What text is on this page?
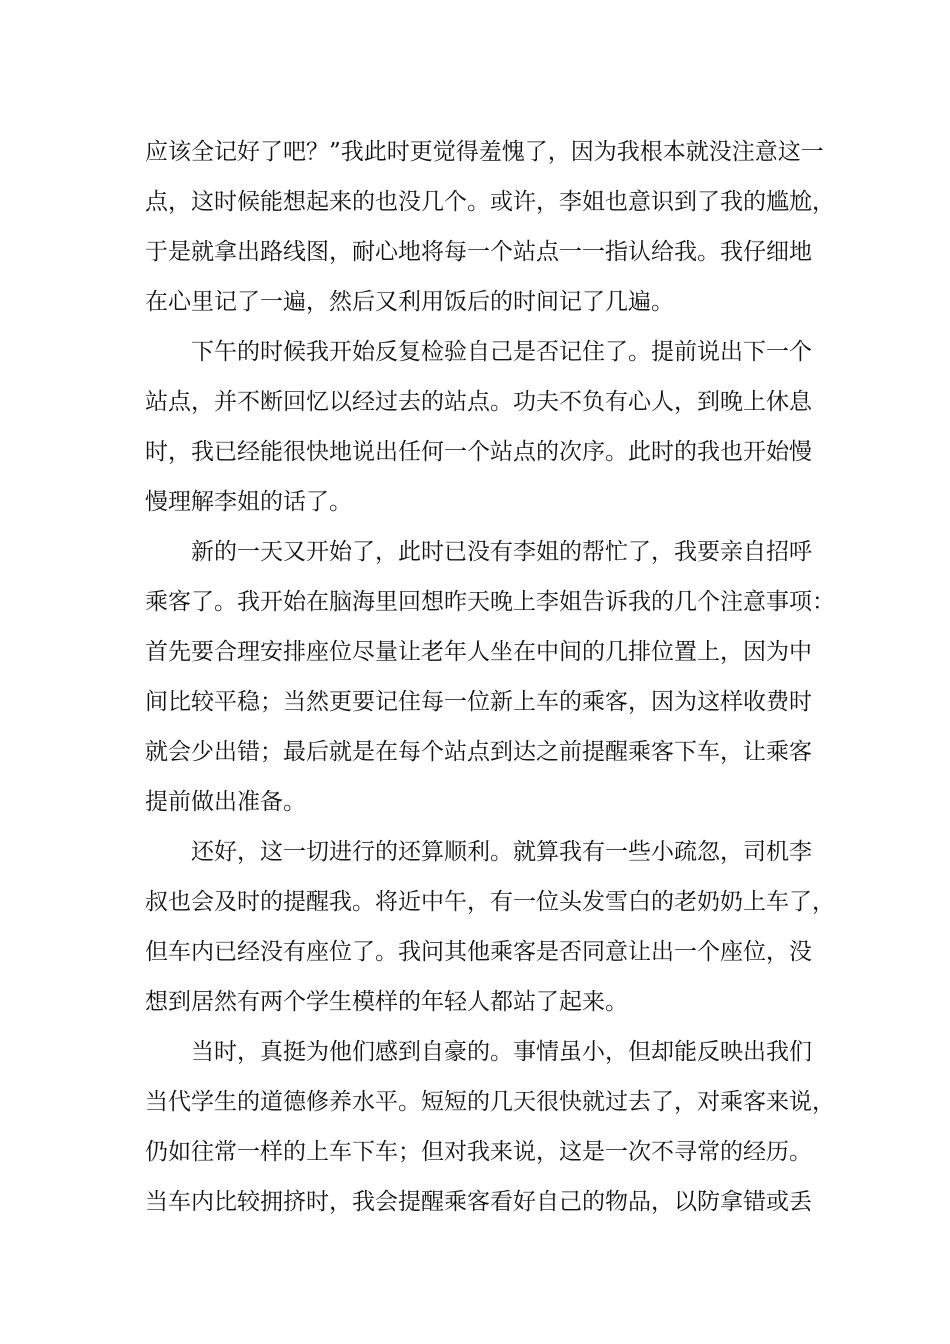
应该全记好了吧？”我此时更觉得羞愧了，因为我根本就没注意这一
点，这时候能想起来的也没几个。或许，李姐也意识到了我的尴尬，
于是就拿出路线图，耐心地将每一个站点一一指认给我。我仔细地
在心里记了一遍，然后又利用饭后的时间记了几遍。
下午的时候我开始反复检验自己是否记住了。提前说出下一个
站点，并不断回忆以经过去的站点。功夫不负有心人，到晚上休息
时，我已经能很快地说出任何一个站点的次序。此时的我也开始慢
慢理解李姐的话了。
新的一天又开始了，此时已没有李姐的帮忙了，我要亲自招呼
乘客了。我开始在脑海里回想昨天晚上李姐告诉我的几个注意事项：
首先要合理安排座位尽量让老年人坐在中间的几排位置上，因为中
间比较平稳；当然更要记住每一位新上车的乘客，因为这样收费时
就会少出错；最后就是在每个站点到达之前提醒乘客下车，让乘客
提前做出准备。
还好，这一切进行的还算顺利。就算我有一些小疏忽，司机李
叔也会及时的提醒我。将近中午，有一位头发雪白的老奶奶上车了，
但车内已经没有座位了。我问其他乘客是否同意让出一个座位，没
想到居然有两个学生模样的年轻人都站了起来。
当时，真挺为他们感到自豪的。事情虽小，但却能反映出我们
当代学生的道德修养水平。短短的几天很快就过去了，对乘客来说，
仍如往常一样的上车下车；但对我来说，这是一次不寻常的经历。
当车内比较拥挤时，我会提醒乘客看好自己的物品，以防拿错或丢
